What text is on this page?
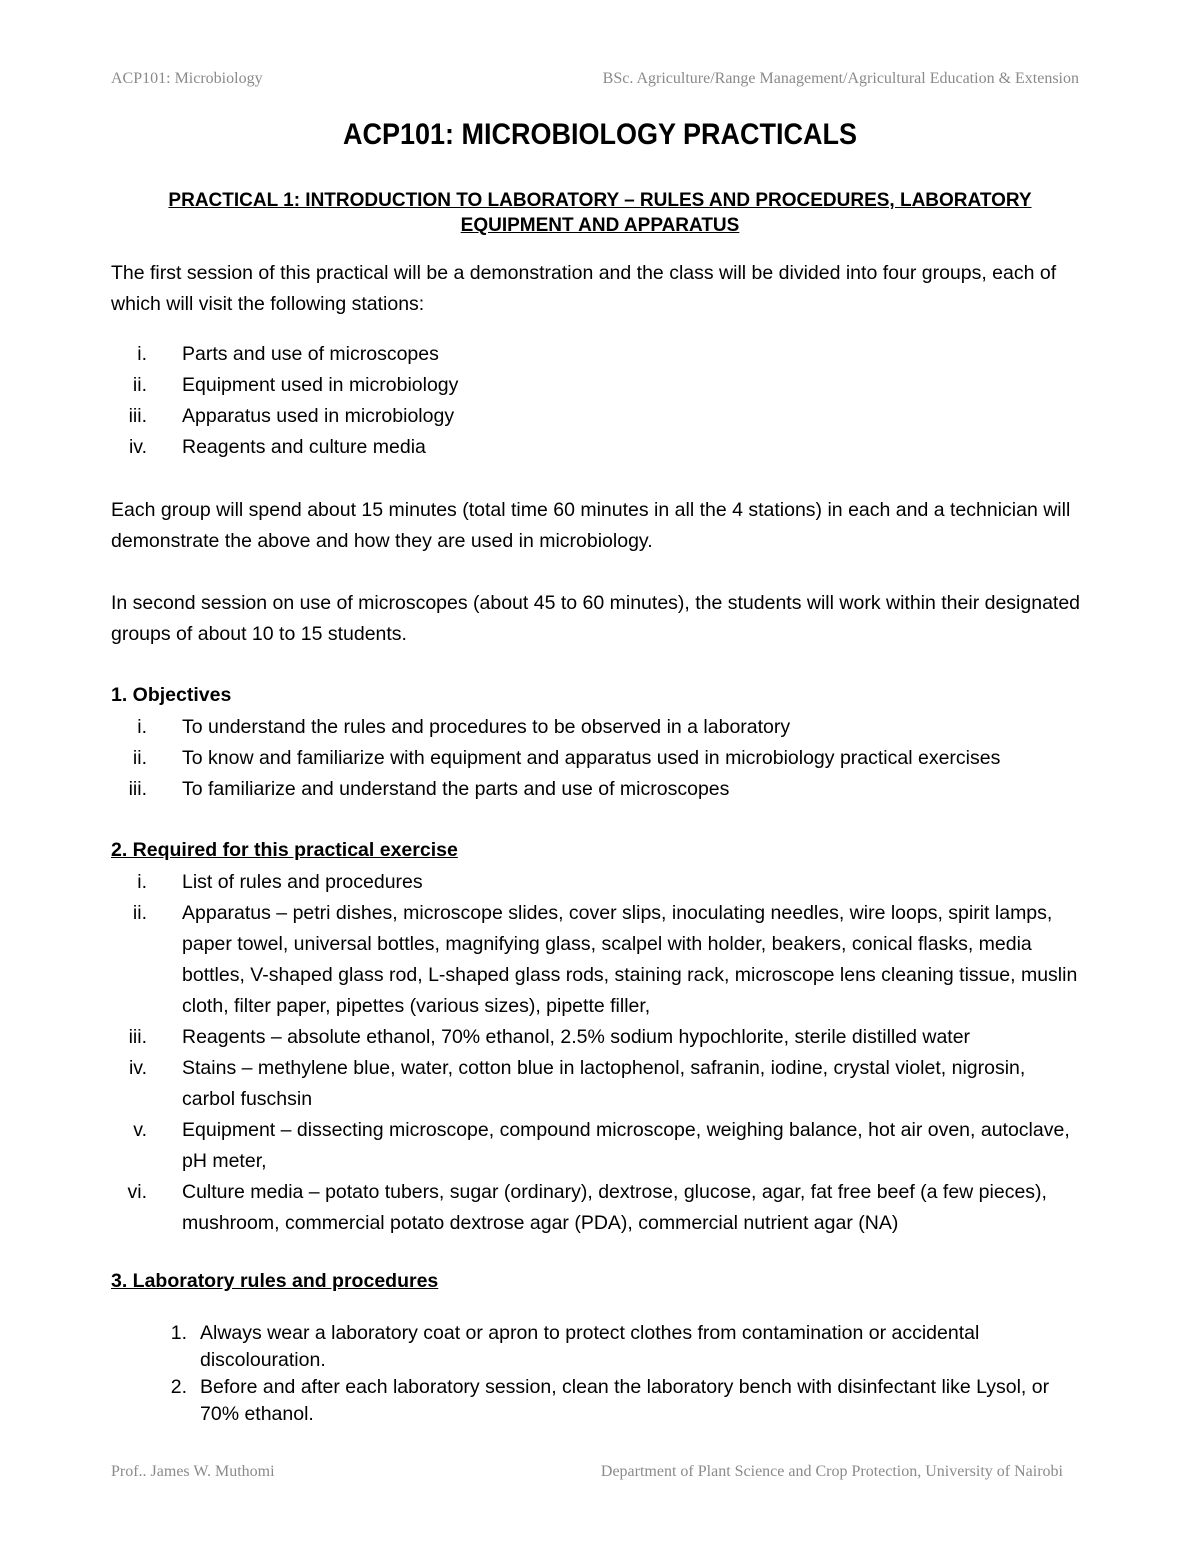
ACP101: Microbiology	BSc. Agriculture/Range Management/Agricultural Education & Extension
ACP101: MICROBIOLOGY PRACTICALS
PRACTICAL 1: INTRODUCTION TO LABORATORY – RULES AND PROCEDURES, LABORATORY
EQUIPMENT AND APPARATUS
The first session of this practical will be a demonstration and the class will be divided into four groups, each of which will visit the following stations:
i. Parts and use of microscopes
ii. Equipment used in microbiology
iii. Apparatus used in microbiology
iv. Reagents and culture media
Each group will spend about 15 minutes (total time 60 minutes in all the 4 stations) in each and a technician will demonstrate the above and how they are used in microbiology.
In second session on use of microscopes (about 45 to 60 minutes), the students will work within their designated groups of about 10 to 15 students.
1. Objectives
i. To understand the rules and procedures to be observed in a laboratory
ii. To know and familiarize with equipment and apparatus used in microbiology practical exercises
iii. To familiarize and understand the parts and use of microscopes
2. Required for this practical exercise
i. List of rules and procedures
ii. Apparatus – petri dishes, microscope slides, cover slips, inoculating needles, wire loops, spirit lamps, paper towel, universal bottles, magnifying glass, scalpel with holder, beakers, conical flasks, media bottles, V-shaped glass rod, L-shaped glass rods, staining rack, microscope lens cleaning tissue, muslin cloth, filter paper, pipettes (various sizes), pipette filler,
iii. Reagents – absolute ethanol, 70% ethanol, 2.5% sodium hypochlorite, sterile distilled water
iv. Stains – methylene blue, water, cotton blue in lactophenol, safranin, iodine, crystal violet, nigrosin, carbol fuschsin
v. Equipment – dissecting microscope, compound microscope, weighing balance, hot air oven, autoclave, pH meter,
vi. Culture media – potato tubers, sugar (ordinary), dextrose, glucose, agar, fat free beef (a few pieces), mushroom, commercial potato dextrose agar (PDA), commercial nutrient agar (NA)
3. Laboratory rules and procedures
1. Always wear a laboratory coat or apron to protect clothes from contamination or accidental discolouration.
2. Before and after each laboratory session, clean the laboratory bench with disinfectant like Lysol, or 70% ethanol.
Prof.. James W. Muthomi	Department of Plant Science and Crop Protection, University of Nairobi
